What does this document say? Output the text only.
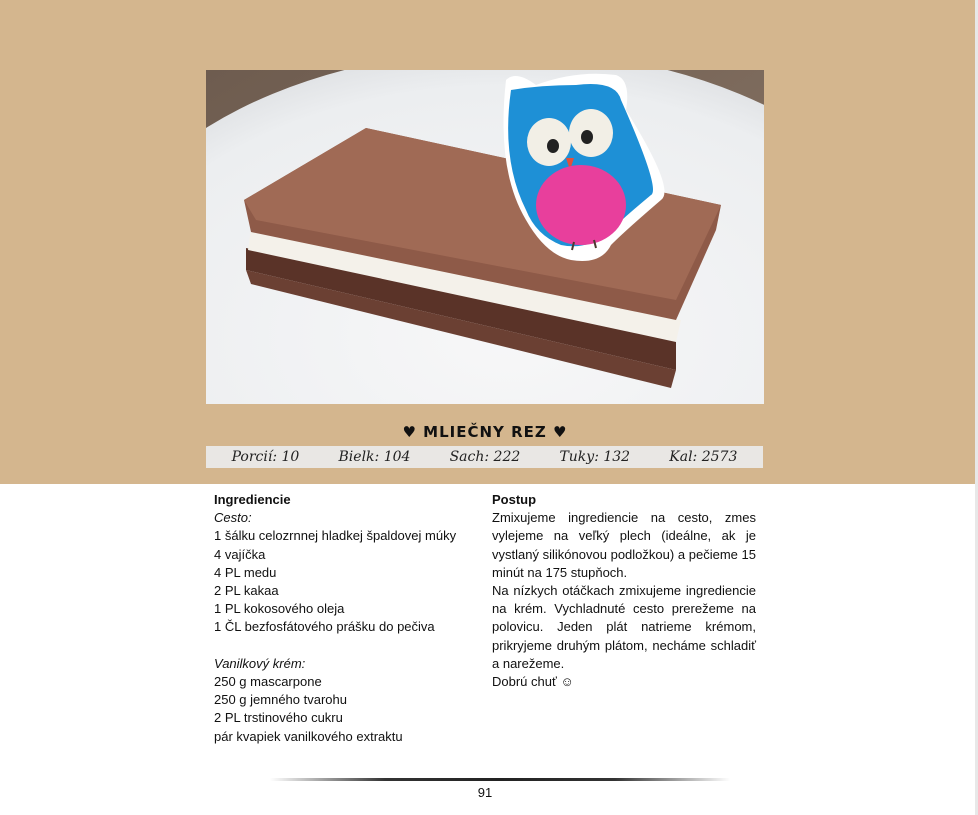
♥ MLIEČNY REZ ♥
Porcií: 10	Bielk: 104	Sach: 222	Tuky: 132	Kal: 2573
Ingrediencie
Cesto:
1 šálku celozrnnej hladkej špaldovej múky
4 vajíčka
4 PL medu
2 PL kakaa
1 PL kokosového oleja
1 ČL bezfosfátového prášku do pečiva
Vanilkový krém:
250 g mascarpone
250 g jemného tvarohu
2 PL trstinového cukru
pár kvapiek vanilkového extraktu
Postup

Zmixujeme ingrediencie na cesto, zmes vylejeme na veľký plech (ideálne, ak je vystlaný silikónovou podložkou) a pečieme 15 minút na 175 stupňoch.

Na nízkych otáčkach zmixujeme ingrediencie na krém. Vychladnuté cesto prerežeme na polovicu. Jeden plát natrieme krémom, prikryjeme druhým plátom, necháme schladiť a narežeme.

Dobrú chuť ☺

91
